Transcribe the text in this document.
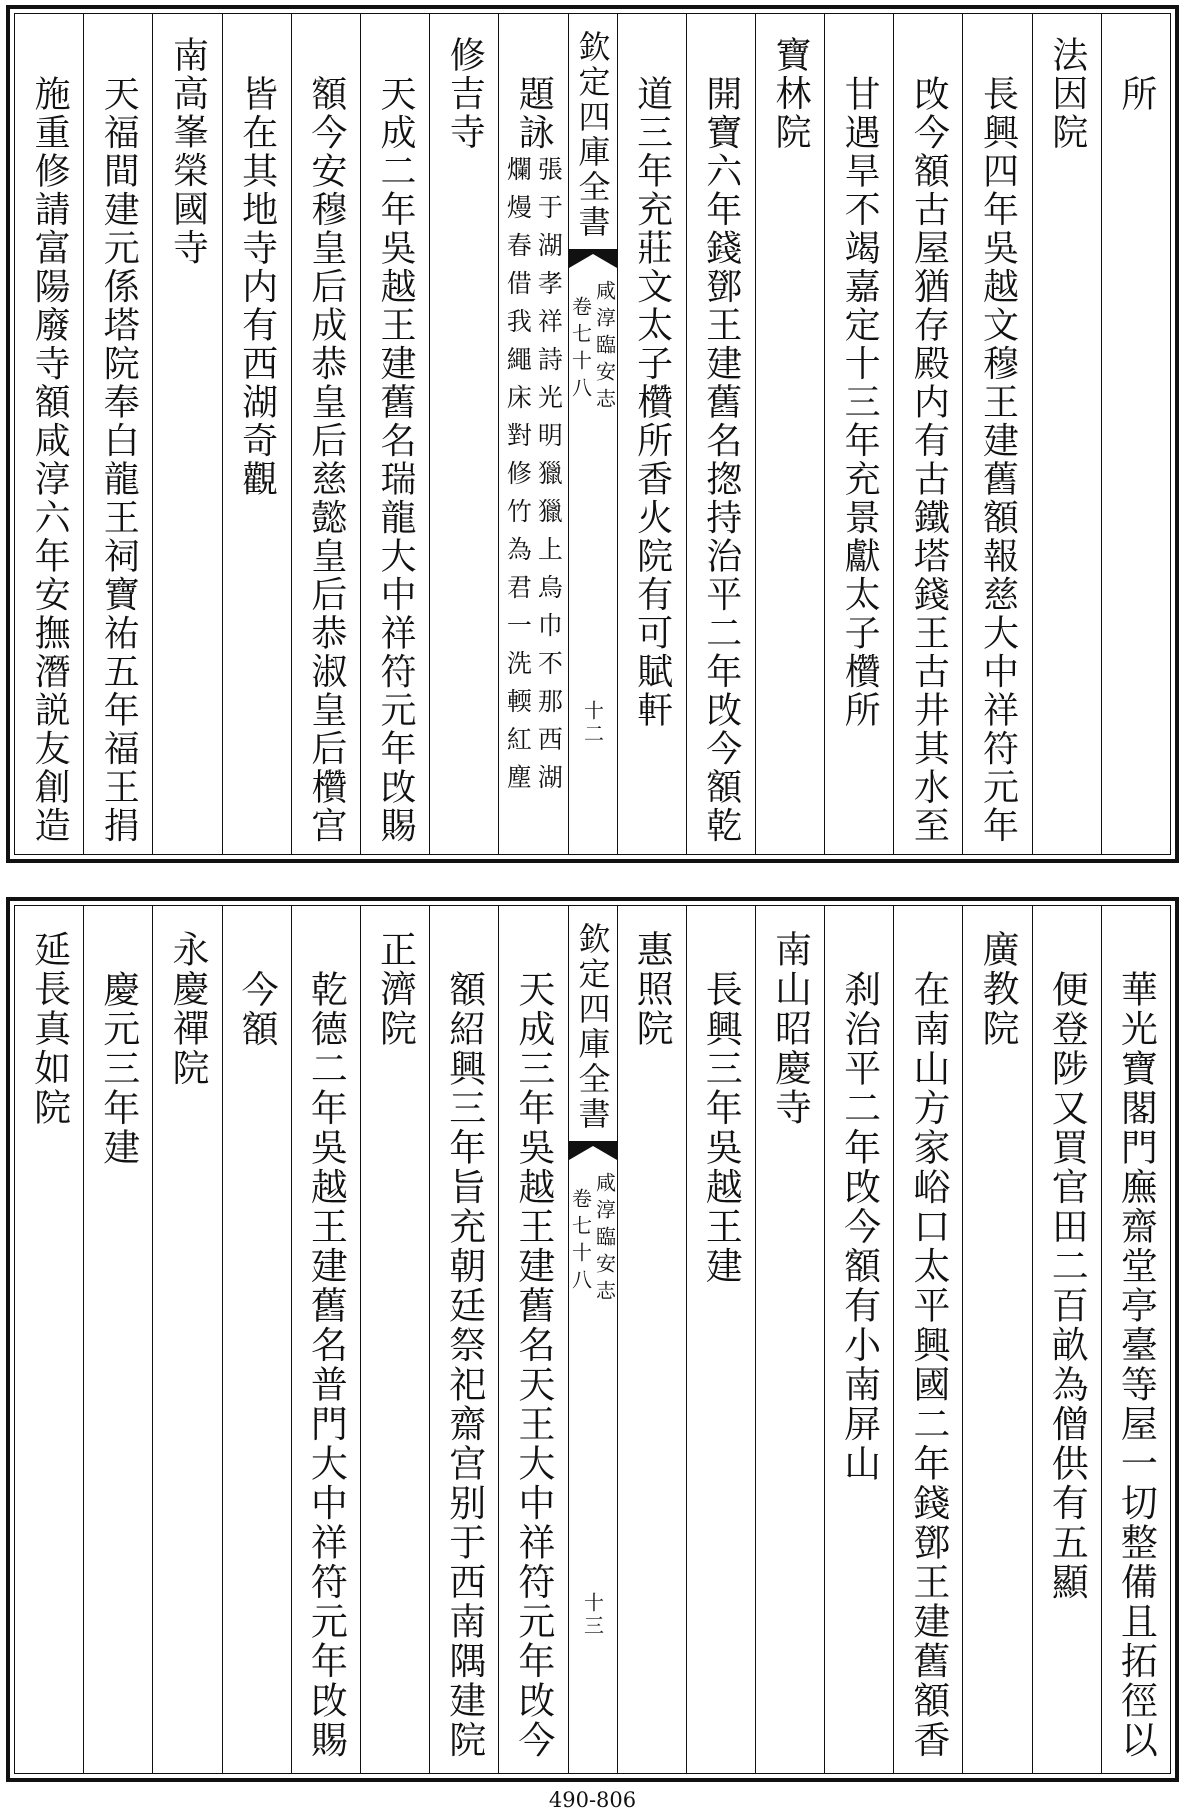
所
法因院
長興四年吳越文穆王建舊額報慈大中祥符元年
攺今額古屋猶存殿内有古鐵塔錢王古井其水至
甘遇旱不竭嘉定十三年充景獻太子欑所
寶林院
開寶六年錢鄧王建舊名揔持治平二年攺今額乾
道三年充莊文太子欑所香火院有可賦軒
欽定四庫全書
咸淳臨安志
卷七十八
十二
題詠
張于湖孝祥詩光明獵獵上烏巾不那西湖
爛熳春借我繩床對修竹為君一洗輭紅塵
修吉寺
天成二年吳越王建舊名瑞龍大中祥符元年攺賜
額今安穆皇后成恭皇后慈懿皇后恭淑皇后欑宫
皆在其地寺内有西湖奇觀
南高峯榮國寺
天福間建元係塔院奉白龍王祠寶祐五年福王捐
施重修請富陽廢寺額咸淳六年安撫潛説友創造
華光寶閣門廡齋堂亭臺等屋一切整備且拓徑以
便登陟又買官田二百畝為僧供有五顯
廣教院
在南山方家峪口太平興國二年錢鄧王建舊額香
刹治平二年攺今額有小南屏山
南山昭慶寺
長興三年吳越王建
惠照院
欽定四庫全書
咸淳臨安志
卷七十八
十三
天成三年吳越王建舊名天王大中祥符元年攺今
額紹興三年旨充朝廷祭祀齋宫别于西南隅建院
正濟院
乾德二年吳越王建舊名普門大中祥符元年攺賜
今額
永慶禪院
慶元三年建
延長真如院
490-806
